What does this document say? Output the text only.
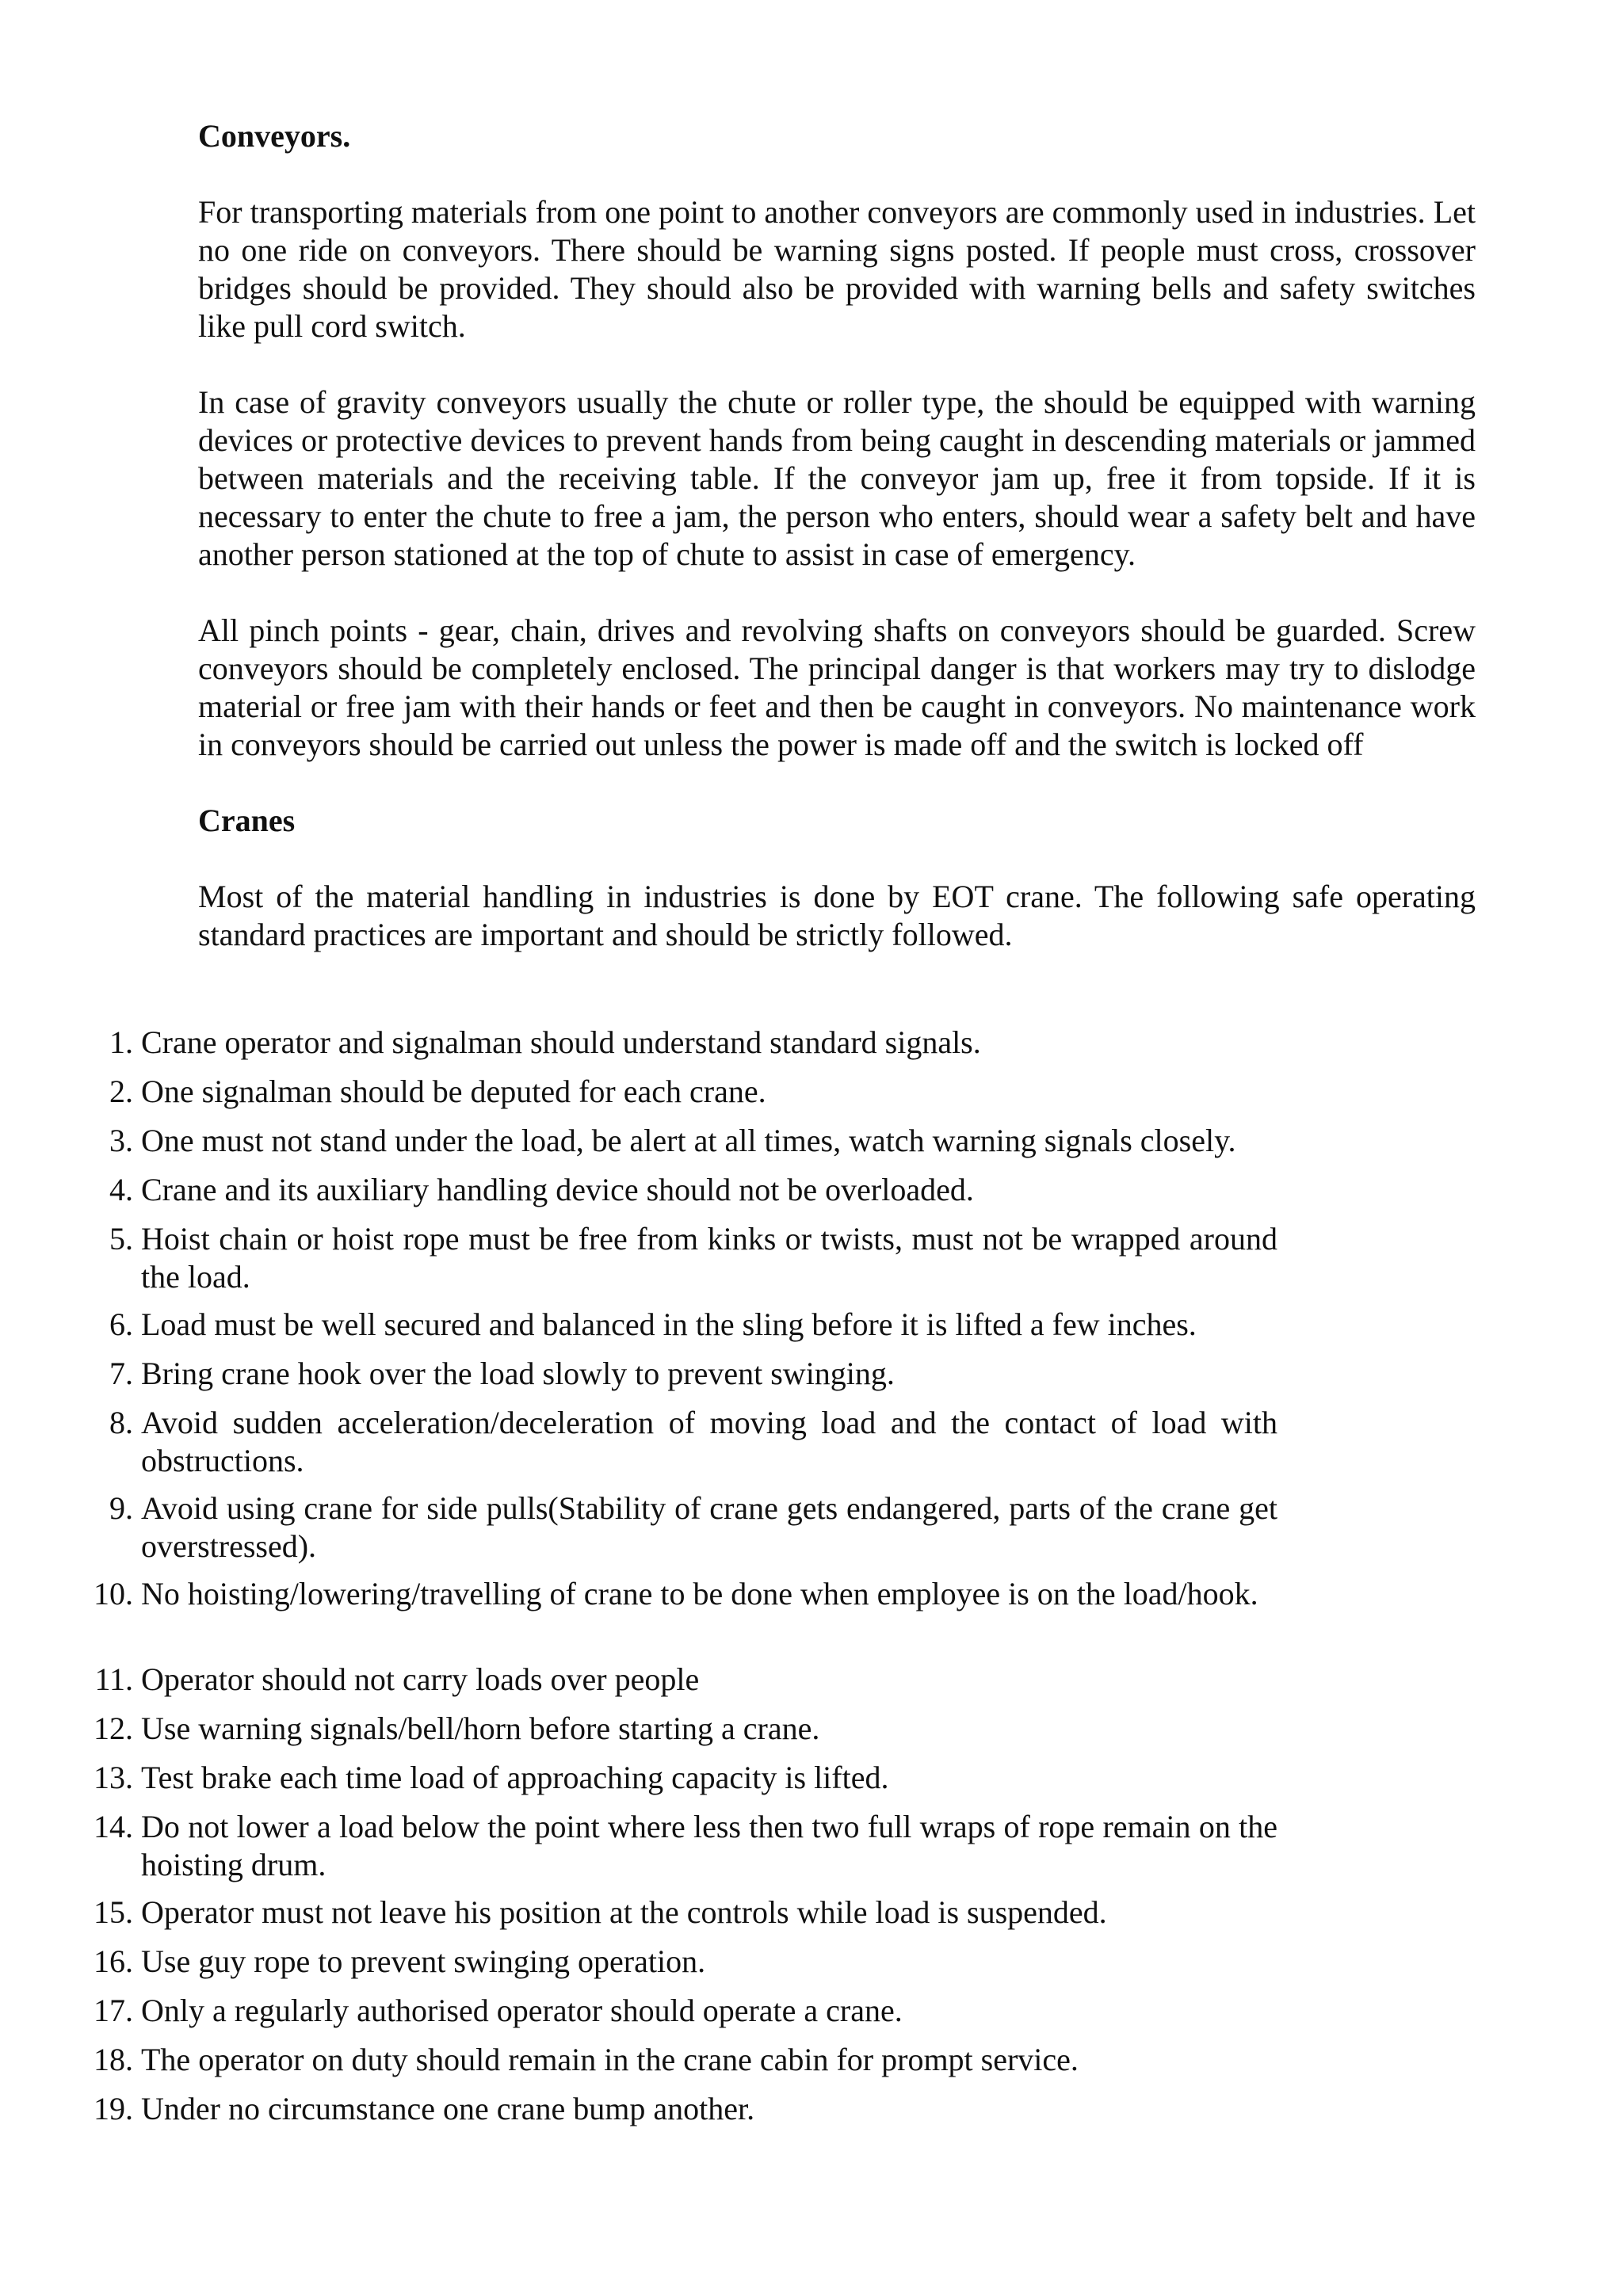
Conveyors.

For transporting materials from one point to another conveyors are commonly used in industries. Let no one ride on conveyors. There should be warning signs posted. If people must cross, crossover bridges should be provided. They should also be provided with warning bells and safety switches like pull cord switch.

In case of gravity conveyors usually the chute or roller type, the should be equipped with warning devices or protective devices to prevent hands from being caught in descending materials or jammed between materials and the receiving table. If the conveyor jam up, free it from topside. If it is necessary to enter the chute to free a jam, the person who enters, should wear a safety belt and have another person stationed at the top of chute to assist in case of emergency.

All pinch points - gear, chain, drives and revolving shafts on conveyors should be guarded. Screw conveyors should be completely enclosed. The principal danger is that workers may try to dislodge material or free jam with their hands or feet and then be caught in conveyors. No maintenance work in conveyors should be carried out unless the power is made off and the switch is locked off

Cranes

Most of the material handling in industries is done by EOT crane. The following safe operating standard practices are important and should be strictly followed.

1. Crane operator and signalman should understand standard signals.
2. One signalman should be deputed for each crane.
3. One must not stand under the load, be alert at all times, watch warning signals closely.
4. Crane and its auxiliary handling device should not be overloaded.
5. Hoist chain or hoist rope must be free from kinks or twists, must not be wrapped around the load.
6. Load must be well secured and balanced in the sling before it is lifted a few inches.
7. Bring crane hook over the load slowly to prevent swinging.
8. Avoid sudden acceleration/deceleration of moving load and the contact of load with obstructions.
9. Avoid using crane for side pulls(Stability of crane gets endangered, parts of the crane get overstressed).
10. No hoisting/lowering/travelling of crane to be done when employee is on the load/hook.
11. Operator should not carry loads over people
12. Use warning signals/bell/horn before starting a crane.
13. Test brake each time load of approaching capacity is lifted.
14. Do not lower a load below the point where less then two full wraps of rope remain on the hoisting drum.
15. Operator must not leave his position at the controls while load is suspended.
16. Use guy rope to prevent swinging operation.
17. Only a regularly authorised operator should operate a crane.
18. The operator on duty should remain in the crane cabin for prompt service.
19. Under no circumstance one crane bump another.
